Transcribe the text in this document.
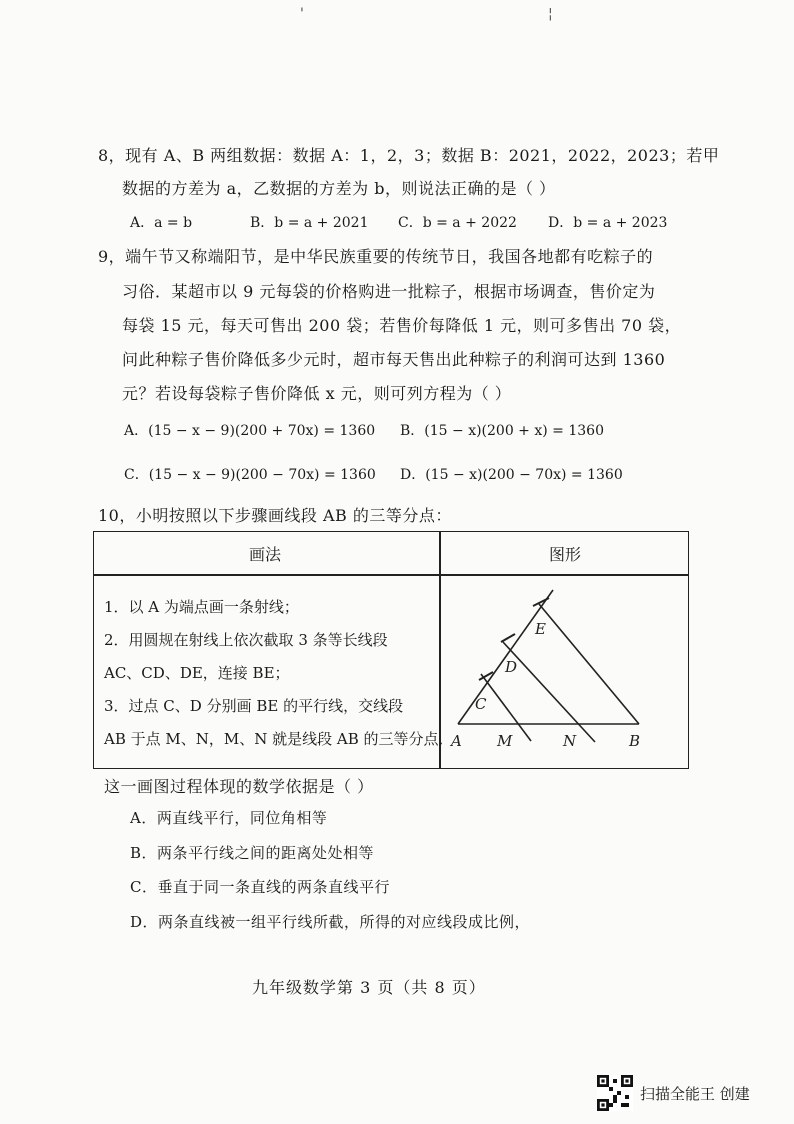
'	¦
8，现有 A、B 两组数据：数据 A：1，2，3；数据 B：2021，2022，2023；若甲
数据的方差为 a，乙数据的方差为 b，则说法正确的是（ ）
A．a = b	B．b = a + 2021 C．b = a + 2022 D．b = a + 2023
9，端午节又称端阳节，是中华民族重要的传统节日，我国各地都有吃粽子的
习俗．某超市以 9 元每袋的价格购进一批粽子，根据市场调查，售价定为
每袋 15 元，每天可售出 200 袋；若售价每降低 1 元，则可多售出 70 袋，
问此种粽子售价降低多少元时，超市每天售出此种粽子的利润可达到 1360
元？若设每袋粽子售价降低 x 元，则可列方程为（ ）
A．(15 − x − 9)(200 + 70x) = 1360 B．(15 − x)(200 + x) = 1360
C．(15 − x − 9)(200 − 70x) = 1360 D．(15 − x)(200 − 70x) = 1360
10，小明按照以下步骤画线段 AB 的三等分点：
画法	图形
1．以 A 为端点画一条射线；
2．用圆规在射线上依次截取 3 条等长线段
AC、CD、DE，连接 BE；
3．过点 C、D 分别画 BE 的平行线，交线段
AB 于点 M、N，M、N 就是线段 AB 的三等分点．
E
D
C
A M	N	B
这一画图过程体现的数学依据是（ ）
A．两直线平行，同位角相等
B．两条平行线之间的距离处处相等
C．垂直于同一条直线的两条直线平行
D．两条直线被一组平行线所截，所得的对应线段成比例，
九年级数学第 3 页（共 8 页）
扫描全能王 创建
